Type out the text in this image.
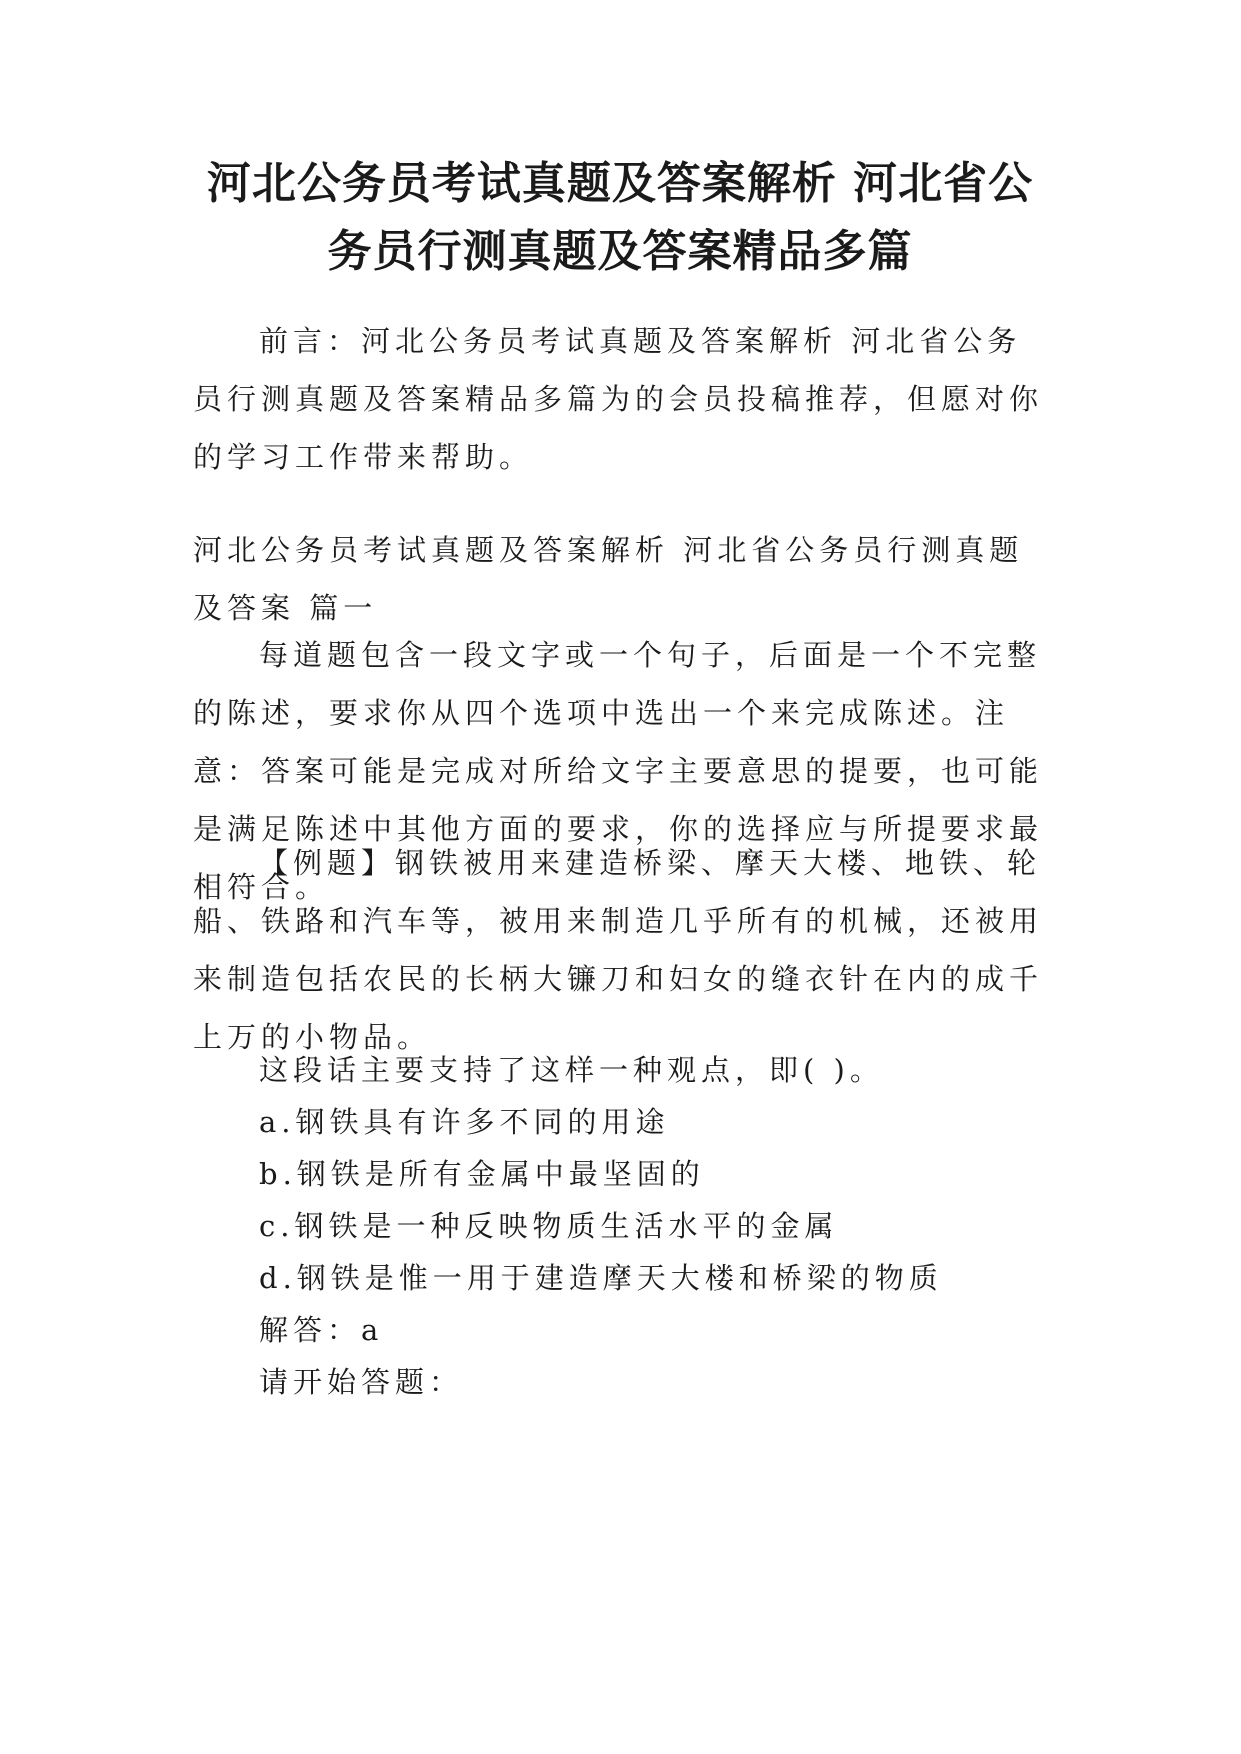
河北公务员考试真题及答案解析 河北省公
务员行测真题及答案精品多篇

前言：河北公务员考试真题及答案解析 河北省公务员行测真题及答案精品多篇为的会员投稿推荐，但愿对你的学习工作带来帮助。

河北公务员考试真题及答案解析 河北省公务员行测真题及答案 篇一

每道题包含一段文字或一个句子，后面是一个不完整的陈述，要求你从四个选项中选出一个来完成陈述。注意：答案可能是完成对所给文字主要意思的提要，也可能是满足陈述中其他方面的要求，你的选择应与所提要求最相符合。

【例题】钢铁被用来建造桥梁、摩天大楼、地铁、轮船、铁路和汽车等，被用来制造几乎所有的机械，还被用来制造包括农民的长柄大镰刀和妇女的缝衣针在内的成千上万的小物品。

这段话主要支持了这样一种观点，即( )。

a.钢铁具有许多不同的用途

b.钢铁是所有金属中最坚固的

c.钢铁是一种反映物质生活水平的金属

d.钢铁是惟一用于建造摩天大楼和桥梁的物质

解答：a

请开始答题：
